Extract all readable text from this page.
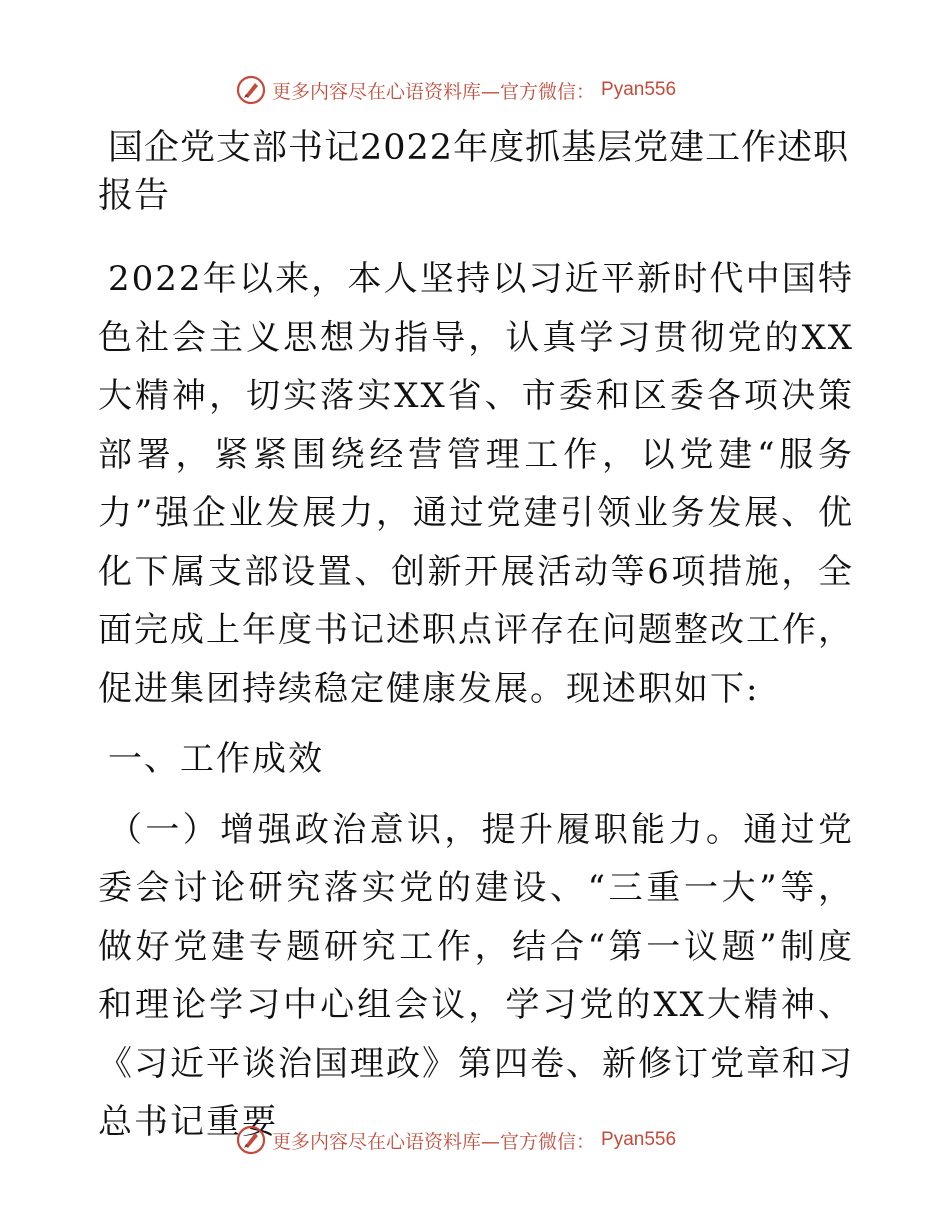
更多内容尽在心语资料库—官方微信： Pyan556
国企党支部书记2022年度抓基层党建工作述职报告

2022年以来，本人坚持以习近平新时代中国特色社会主义思想为指导，认真学习贯彻党的XX大精神，切实落实XX省、市委和区委各项决策部署，紧紧围绕经营管理工作，以党建“服务力”强企业发展力，通过党建引领业务发展、优化下属支部设置、创新开展活动等6项措施，全面完成上年度书记述职点评存在问题整改工作，促进集团持续稳定健康发展。现述职如下:

一、工作成效

（一）增强政治意识，提升履职能力。通过党委会讨论研究落实党的建设、“三重一大”等，做好党建专题研究工作，结合“第一议题”制度和理论学习中心组会议，学习党的XX大精神、《习近平谈治国理政》第四卷、新修订党章和习总书记重要

更多内容尽在心语资料库—官方微信： Pyan556
